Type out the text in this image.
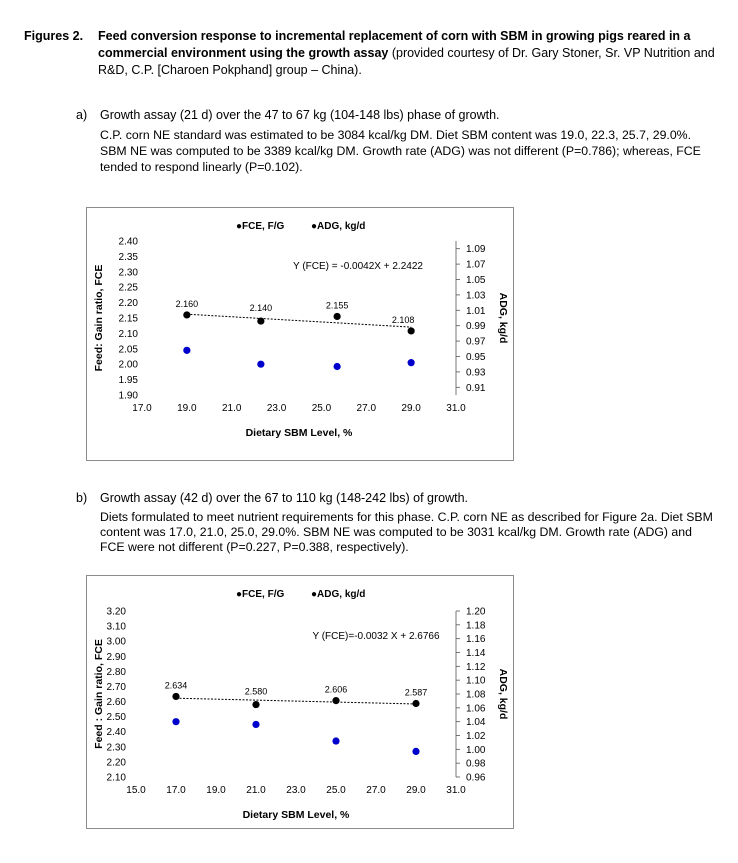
Figures 2. Feed conversion response to incremental replacement of corn with SBM in growing pigs reared in a commercial environment using the growth assay (provided courtesy of Dr. Gary Stoner, Sr. VP Nutrition and R&D, C.P. [Charoen Pokphand] group – China).
a) Growth assay (21 d) over the 47 to 67 kg (104-148 lbs) phase of growth.
C.P. corn NE standard was estimated to be 3084 kcal/kg DM. Diet SBM content was 19.0, 22.3, 25.7, 29.0%. SBM NE was computed to be 3389 kcal/kg DM. Growth rate (ADG) was not different (P=0.786); whereas, FCE tended to respond linearly (P=0.102).
●FCE, F/G	●ADG, kg/d
2.40
2.35
2.30
2.25
2.20
2.15
2.10
2.05
2.00
1.95
1.90
1.09
1.07
1.05
1.03
1.01
0.99
0.97
0.95
0.93
0.91
17.0	19.0	21.0	23.0	25.0	27.0	29.0	31.0
Dietary SBM Level, %
Feed: Gain ratio, FCE	ADG, kg/d
Y (FCE) = -0.0042X + 2.2422
2.160	2.140	2.155
2.108
b) Growth assay (42 d) over the 67 to 110 kg (148-242 lbs) of growth.
Diets formulated to meet nutrient requirements for this phase. C.P. corn NE as described for Figure 2a. Diet SBM content was 17.0, 21.0, 25.0, 29.0%. SBM NE was computed to be 3031 kcal/kg DM. Growth rate (ADG) and FCE were not different (P=0.227, P=0.388, respectively).
●FCE, F/G	●ADG, kg/d
3.20
3.10
3.00
2.90
2.80
2.70
2.60
2.50
2.40
2.30
2.20
2.10
1.20
1.18
1.16
1.14
1.12
1.10
1.08
1.06
1.04
1.02
1.00
0.98
0.96
15.0 17.0 19.0 21.0 23.0 25.0 27.0 29.0 31.0
Dietary SBM Level, %
Feed : Gain ratio, FCE	ADG, kg/d
Y (FCE)=-0.0032 X + 2.6766
2.634
2.580	2.606	2.587
